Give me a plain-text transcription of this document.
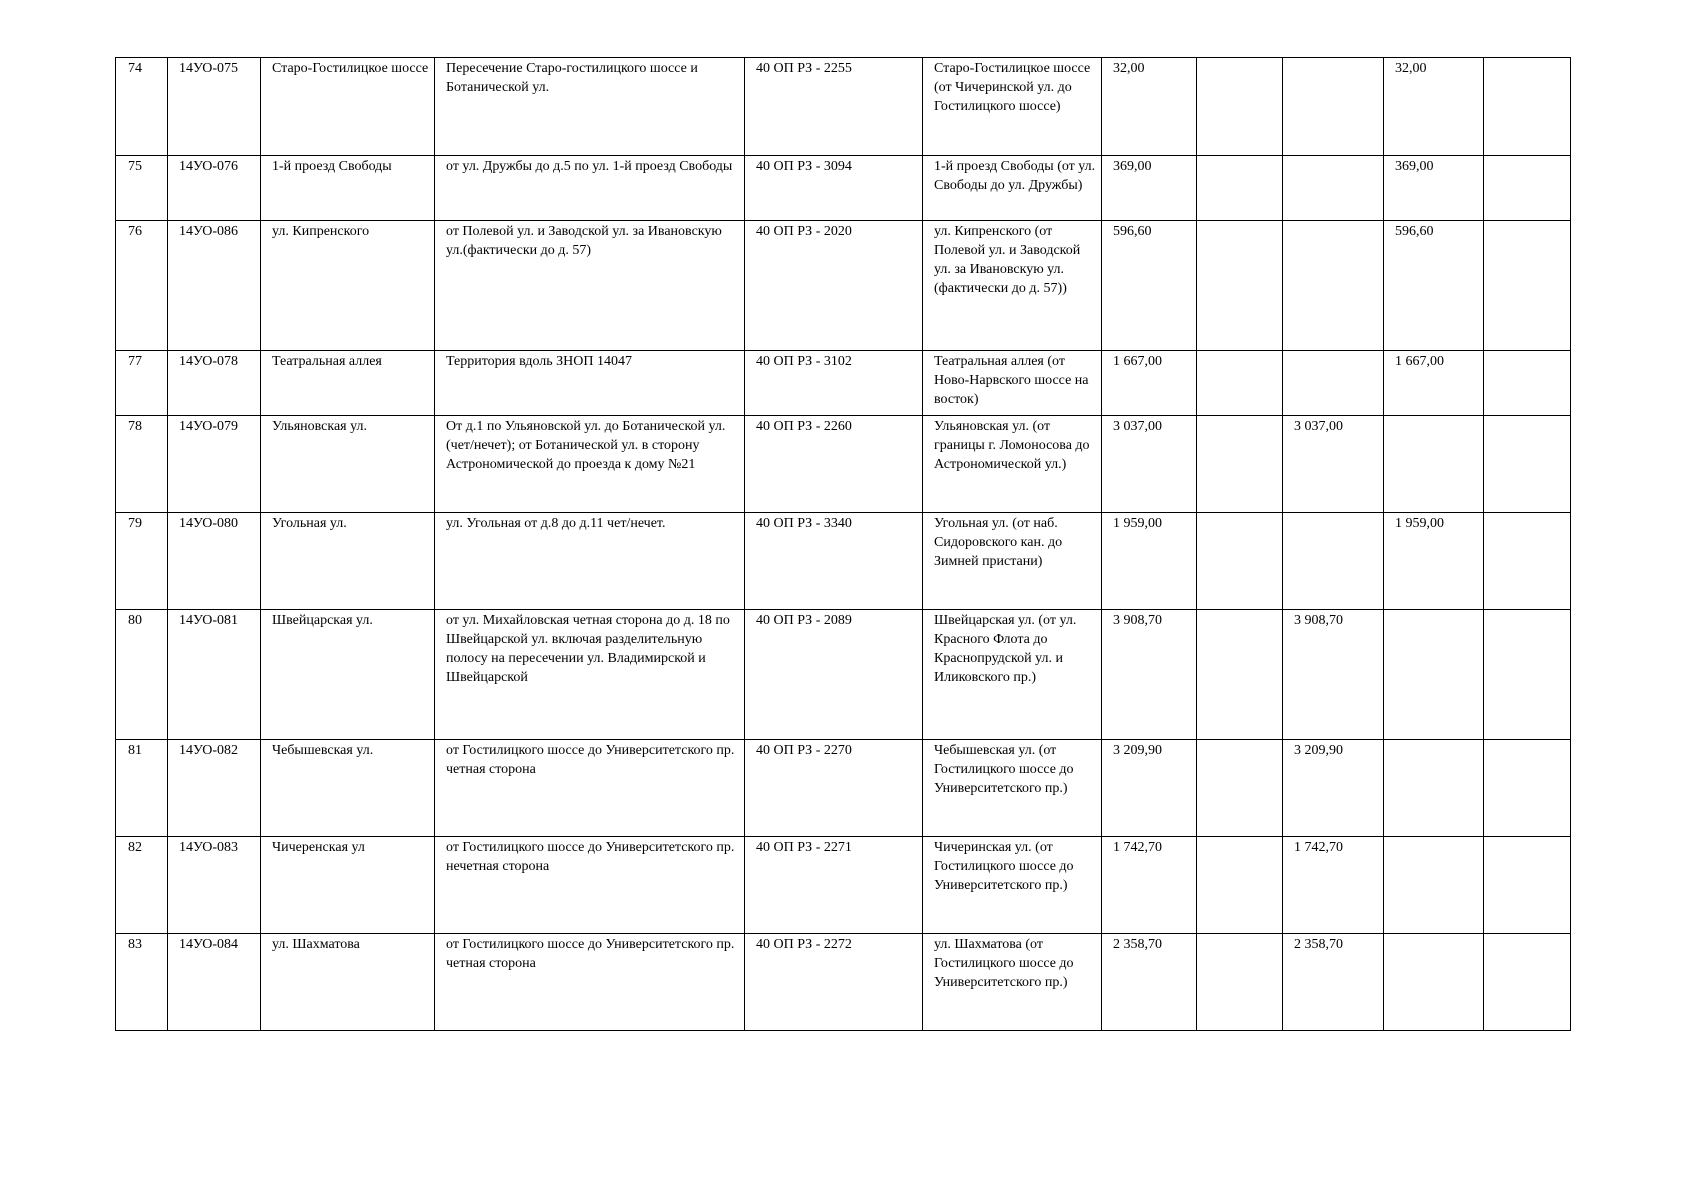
74	14УО-075	Старо-Гостилицкое шоссе	Пересечение Старо-гостилицкого шоссе и Ботанической ул.	40 ОП РЗ - 2255	Старо-Гостилицкое шоссе (от Чичеринской ул. до Гостилицкого шоссе)	32,00			32,00	
75	14УО-076	1-й проезд Свободы	от ул. Дружбы до д.5 по ул. 1-й проезд Свободы	40 ОП РЗ - 3094	1-й проезд Свободы (от ул. Свободы до ул. Дружбы)	369,00			369,00	
76	14УО-086	ул. Кипренского	от Полевой ул. и Заводской ул. за Ивановскую ул.(фактически до д. 57)	40 ОП РЗ - 2020	ул. Кипренского (от Полевой ул. и Заводской ул. за Ивановскую ул. (фактически до д. 57))	596,60			596,60	
77	14УО-078	Театральная аллея	Территория вдоль ЗНОП 14047	40 ОП РЗ - 3102	Театральная аллея (от Ново-Нарвского шоссе на восток)	1 667,00			1 667,00	
78	14УО-079	Ульяновская ул.	От д.1 по Ульяновской ул. до Ботанической ул. (чет/нечет); от Ботанической ул. в сторону Астрономической до проезда к дому №21	40 ОП РЗ - 2260	Ульяновская ул. (от границы г. Ломоносова до Астрономической ул.)	3 037,00		3 037,00		
79	14УО-080	Угольная ул.	ул. Угольная от д.8 до д.11 чет/нечет.	40 ОП РЗ - 3340	Угольная ул. (от наб. Сидоровского кан. до Зимней пристани)	1 959,00			1 959,00	
80	14УО-081	Швейцарская ул.	от ул. Михайловская четная сторона до д. 18 по Швейцарской ул. включая разделительную полосу на пересечении ул. Владимирской и Швейцарской	40 ОП РЗ - 2089	Швейцарская ул. (от ул. Красного Флота до Краснопрудской ул. и Иликовского пр.)	3 908,70		3 908,70		
81	14УО-082	Чебышевская ул.	от Гостилицкого шоссе до Университетского пр. четная сторона	40 ОП РЗ - 2270	Чебышевская ул. (от Гостилицкого шоссе до Университетского пр.)	3 209,90		3 209,90		
82	14УО-083	Чичеренская ул	от Гостилицкого шоссе до Университетского пр. нечетная сторона	40 ОП РЗ - 2271	Чичеринская ул. (от Гостилицкого шоссе до Университетского пр.)	1 742,70		1 742,70		
83	14УО-084	ул. Шахматова	от Гостилицкого шоссе до Университетского пр. четная сторона	40 ОП РЗ - 2272	ул. Шахматова (от Гостилицкого шоссе до Университетского пр.)	2 358,70		2 358,70		
